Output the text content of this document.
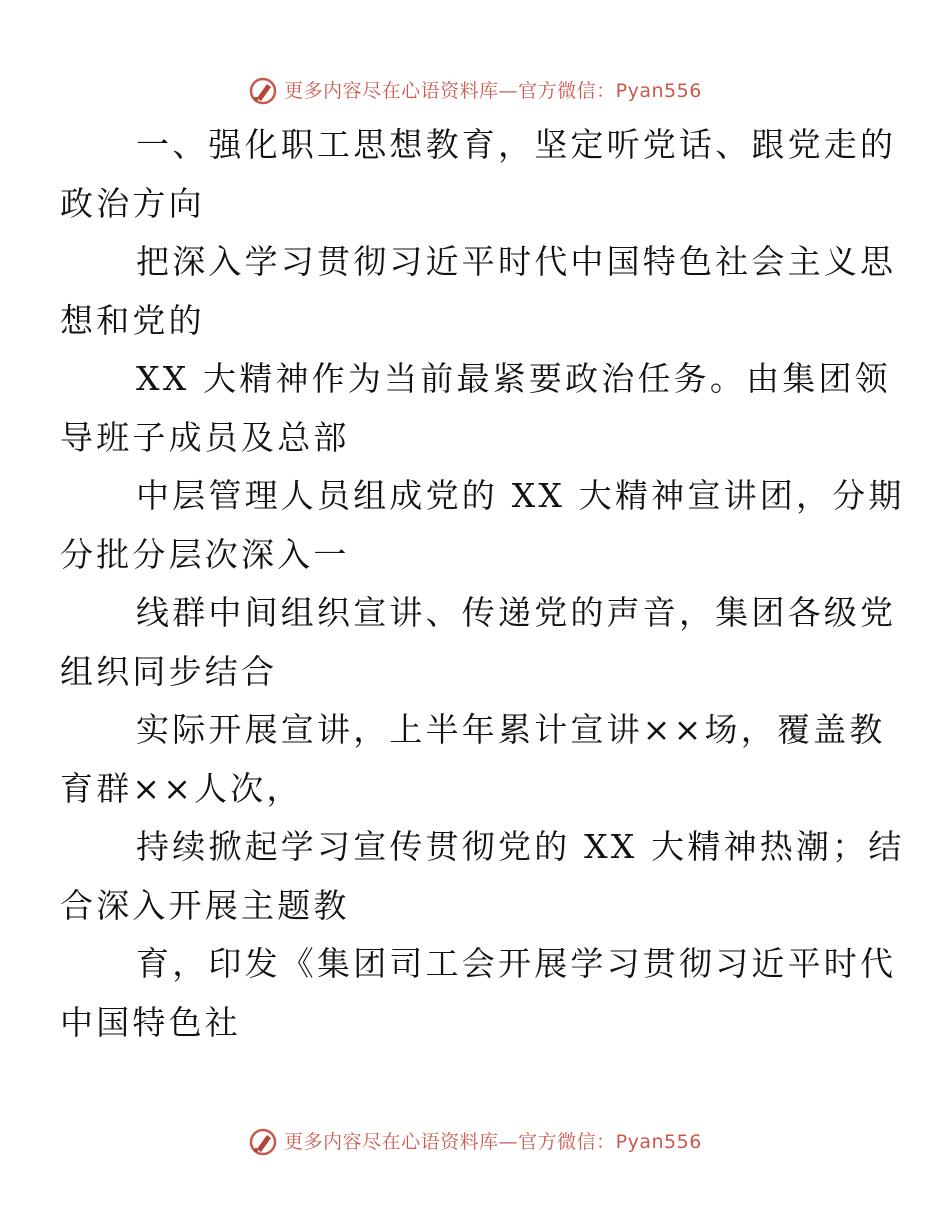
更多内容尽在心语资料库—官方微信：Pyan556

一、强化职工思想教育，坚定听党话、跟党走的
政治方向

把深入学习贯彻习近平时代中国特色社会主义思
想和党的

XX 大精神作为当前最紧要政治任务。由集团领
导班子成员及总部

中层管理人员组成党的 XX 大精神宣讲团，分期
分批分层次深入一

线群中间组织宣讲、传递党的声音，集团各级党
组织同步结合

实际开展宣讲，上半年累计宣讲××场，覆盖教
育群××人次，

持续掀起学习宣传贯彻党的 XX 大精神热潮；结
合深入开展主题教

育，印发《集团司工会开展学习贯彻习近平时代
中国特色社

更多内容尽在心语资料库—官方微信：Pyan556
